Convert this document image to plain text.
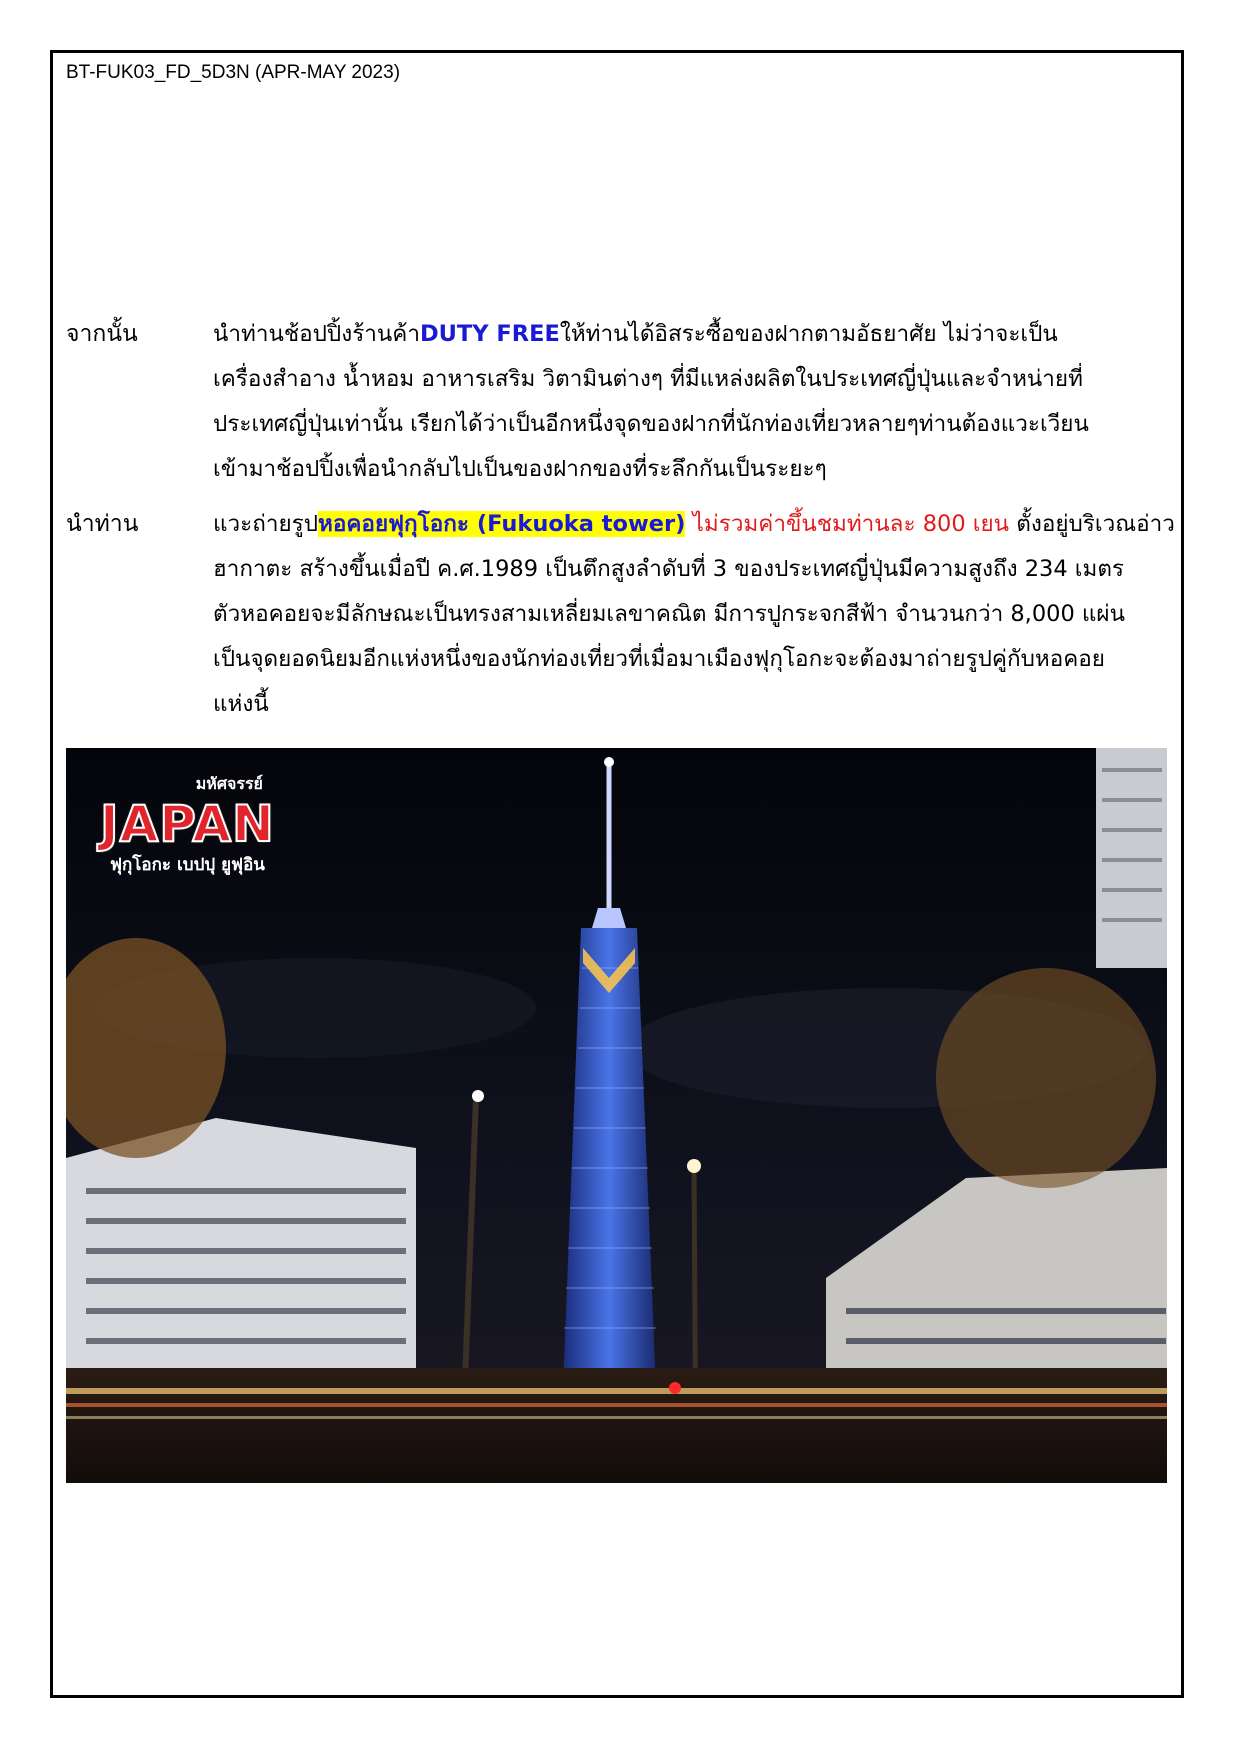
BT-FUK03_FD_5D3N (APR-MAY 2023)
จากนั้น	นำท่านช้อปปิ้งร้านค้าDUTY FREEให้ท่านได้อิสระซื้อของฝากตามอัธยาศัย ไม่ว่าจะเป็น
เครื่องสำอาง น้ำหอม อาหารเสริม วิตามินต่างๆ ที่มีแหล่งผลิตในประเทศญี่ปุ่นและจำหน่ายที่
ประเทศญี่ปุ่นเท่านั้น เรียกได้ว่าเป็นอีกหนึ่งจุดของฝากที่นักท่องเที่ยวหลายๆท่านต้องแวะเวียน
เข้ามาช้อปปิ้งเพื่อนำกลับไปเป็นของฝากของที่ระลึกกันเป็นระยะๆ
นำท่าน	แวะถ่ายรูปหอคอยฟุกุโอกะ (Fukuoka tower) ไม่รวมค่าขึ้นชมท่านละ 800 เยน ตั้งอยู่บริเวณอ่าว
ฮากาตะ สร้างขึ้นเมื่อปี ค.ศ.1989 เป็นตึกสูงลำดับที่ 3 ของประเทศญี่ปุ่นมีความสูงถึง 234 เมตร
ตัวหอคอยจะมีลักษณะเป็นทรงสามเหลี่ยมเลขาคณิต มีการปูกระจกสีฟ้า จำนวนกว่า 8,000 แผ่น
เป็นจุดยอดนิยมอีกแห่งหนึ่งของนักท่องเที่ยวที่เมื่อมาเมืองฟุกุโอกะจะต้องมาถ่ายรูปคู่กับหอคอย
แห่งนี้
มหัศจรรย์
JAPAN
ฟุกุโอกะ เบปปุ ยูฟุอิน
